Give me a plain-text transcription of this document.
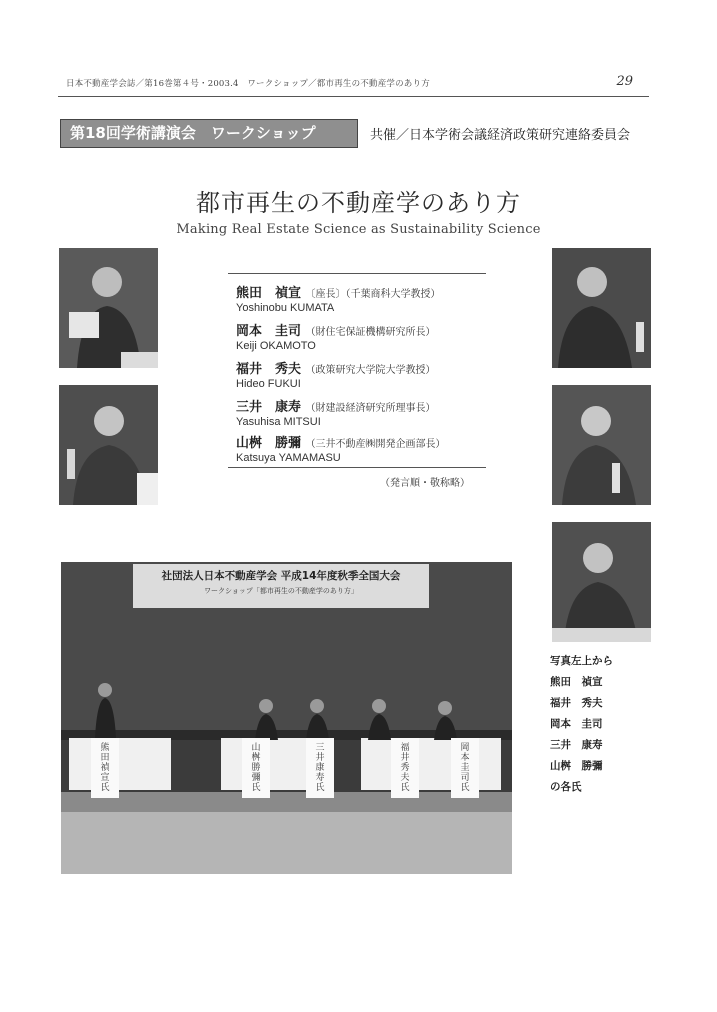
日本不動産学会誌／第16巻第４号・2003.4　ワークショップ／都市再生の不動産学のあり方	29
第18回学術講演会　ワークショップ	共催／日本学術会議経済政策研究連絡委員会
都市再生の不動産学のあり方
Making Real Estate Science as Sustainability Science
熊田　禎宣 〔座長〕（千葉商科大学教授）
Yoshinobu KUMATA
岡本　圭司 （財住宅保証機構研究所長）
Keiji OKAMOTO
福井　秀夫 （政策研究大学院大学教授）
Hideo FUKUI
三井　康寿 （財建設経済研究所理事長）
Yasuhisa MITSUI
山桝　勝彌 （三井不動産㈱開発企画部長）
Katsuya YAMAMASU
（発言順・敬称略）
社団法人日本不動産学会 平成14年度秋季全国大会
ワークショップ「都市再生の不動産学のあり方」
熊田禎宣氏
山桝勝彌氏
三井康寿氏
福井秀夫氏
岡本圭司氏
写真左上から
熊田　禎宣
福井　秀夫
岡本　圭司
三井　康寿
山桝　勝彌
の各氏
